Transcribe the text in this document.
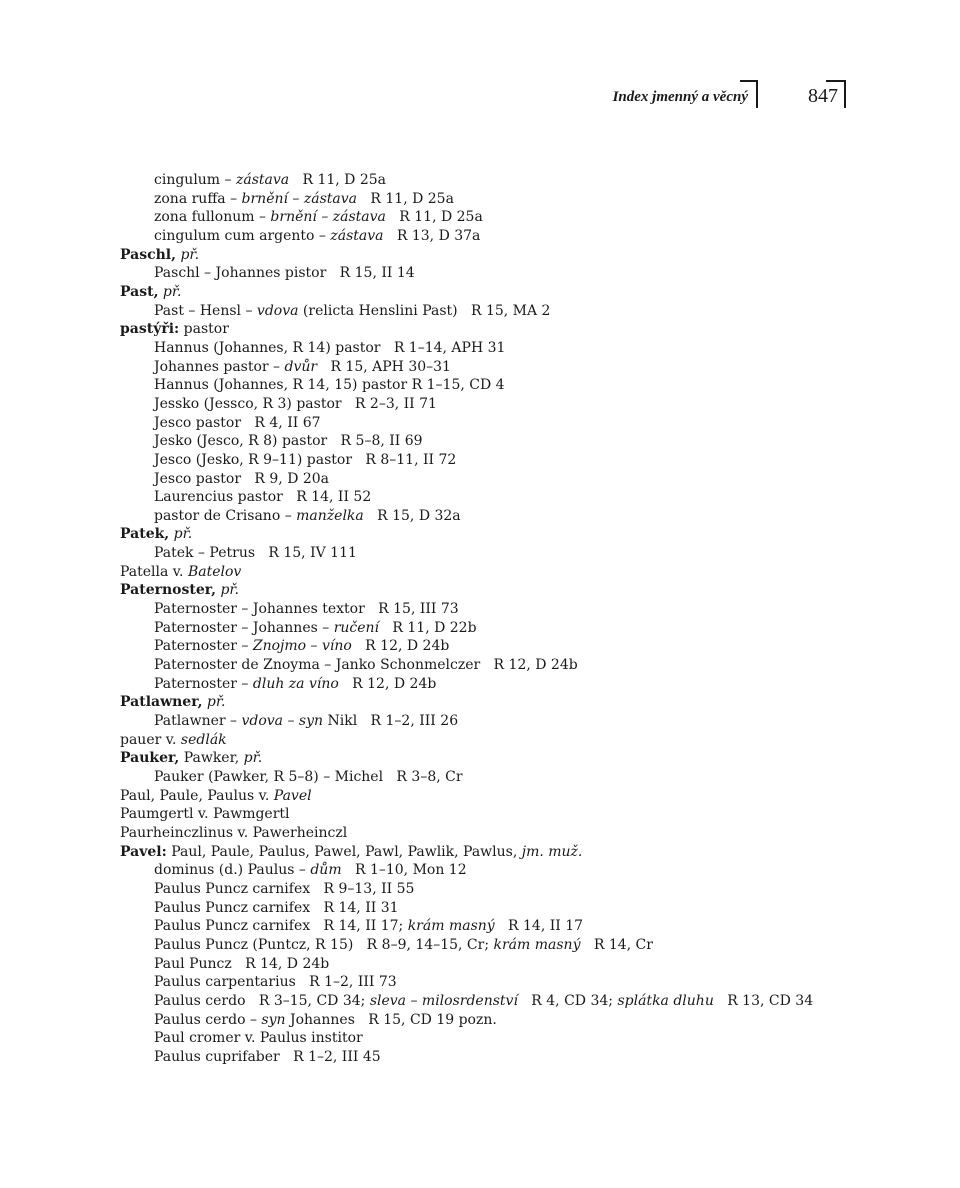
Index jmenný a věcný	847
cingulum – zástava   R 11, D 25a
zona ruffa – brnění – zástava   R 11, D 25a
zona fullonum – brnění – zástava   R 11, D 25a
cingulum cum argento – zástava   R 13, D 37a
Paschl, př.
Paschl – Johannes pistor   R 15, II 14
Past, př.
Past – Hensl – vdova (relicta Henslini Past)   R 15, MA 2
pastýři: pastor
Hannus (Johannes, R 14) pastor   R 1–14, APH 31
Johannes pastor – dvůr   R 15, APH 30–31
Hannus (Johannes, R 14, 15) pastor R 1–15, CD 4
Jessko (Jessco, R 3) pastor   R 2–3, II 71
Jesco pastor   R 4, II 67
Jesko (Jesco, R 8) pastor   R 5–8, II 69
Jesco (Jesko, R 9–11) pastor   R 8–11, II 72
Jesco pastor   R 9, D 20a
Laurencius pastor   R 14, II 52
pastor de Crisano – manželka   R 15, D 32a
Patek, př.
Patek – Petrus   R 15, IV 111
Patella v. Batelov
Paternoster, př.
Paternoster – Johannes textor   R 15, III 73
Paternoster – Johannes – ručení   R 11, D 22b
Paternoster – Znojmo – víno   R 12, D 24b
Paternoster de Znoyma – Janko Schonmelczer   R 12, D 24b
Paternoster – dluh za víno   R 12, D 24b
Patlawner, př.
Patlawner – vdova – syn Nikl   R 1–2, III 26
pauer v. sedlák
Pauker, Pawker, př.
Pauker (Pawker, R 5–8) – Michel   R 3–8, Cr
Paul, Paule, Paulus v. Pavel
Paumgertl v. Pawmgertl
Paurheinczlinus v. Pawerheinczl
Pavel: Paul, Paule, Paulus, Pawel, Pawl, Pawlik, Pawlus, jm. muž.
dominus (d.) Paulus – dům   R 1–10, Mon 12
Paulus Puncz carnifex   R 9–13, II 55
Paulus Puncz carnifex   R 14, II 31
Paulus Puncz carnifex   R 14, II 17; krám masný   R 14, II 17
Paulus Puncz (Puntcz, R 15)   R 8–9, 14–15, Cr; krám masný   R 14, Cr
Paul Puncz   R 14, D 24b
Paulus carpentarius   R 1–2, III 73
Paulus cerdo   R 3–15, CD 34; sleva – milosrdenství   R 4, CD 34; splátka dluhu   R 13, CD 34
Paulus cerdo – syn Johannes   R 15, CD 19 pozn.
Paul cromer v. Paulus institor
Paulus cuprifaber   R 1–2, III 45
